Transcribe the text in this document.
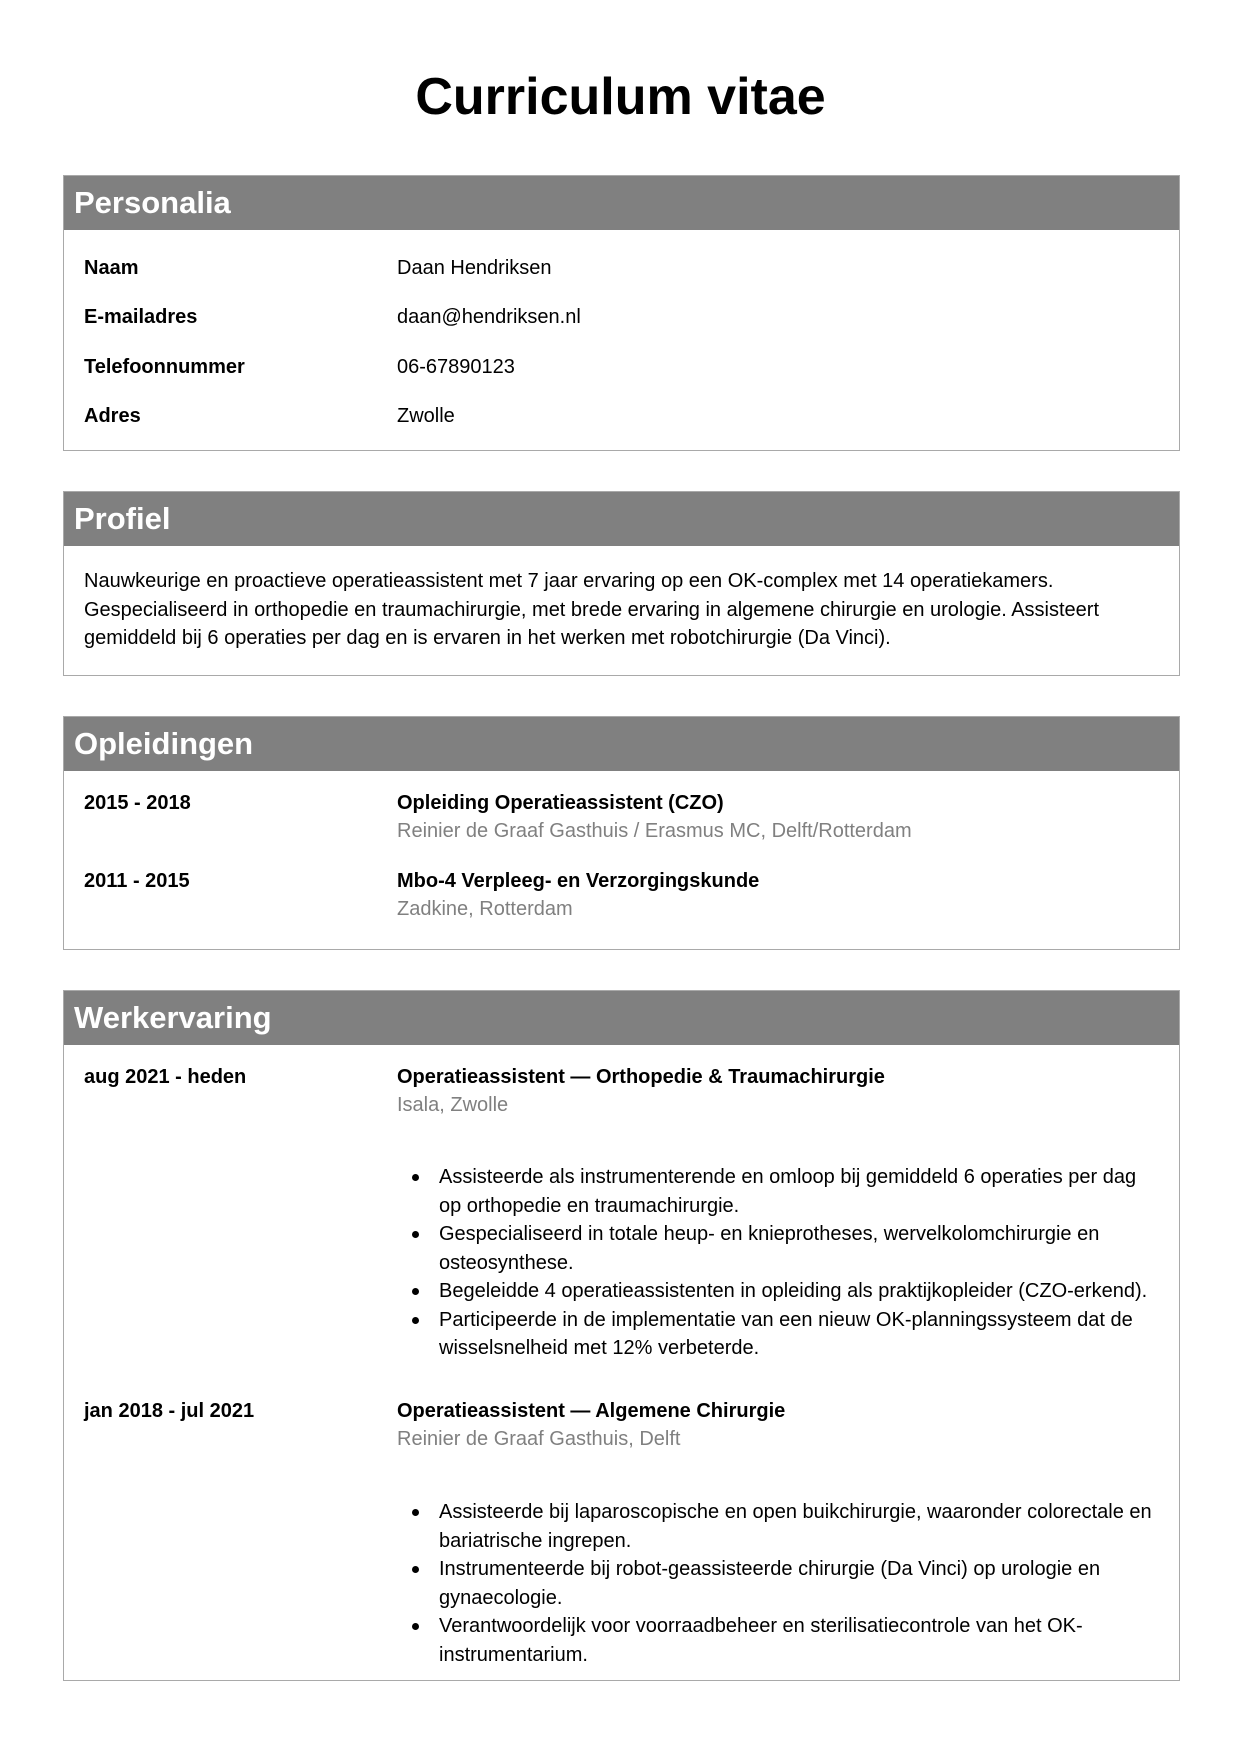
Curriculum vitae
Personalia
Naam	Daan Hendriksen
E-mailadres	daan@hendriksen.nl
Telefoonnummer	06-67890123
Adres	Zwolle
Profiel

Nauwkeurige en proactieve operatieassistent met 7 jaar ervaring op een OK-complex met 14 operatiekamers. Gespecialiseerd in orthopedie en traumachirurgie, met brede ervaring in algemene chirurgie en urologie. Assisteert gemiddeld bij 6 operaties per dag en is ervaren in het werken met robotchirurgie (Da Vinci).

Opleidingen
2015 - 2018	Opleiding Operatieassistent (CZO)
Reinier de Graaf Gasthuis / Erasmus MC, Delft/Rotterdam
2011 - 2015	Mbo-4 Verpleeg- en Verzorgingskunde
Zadkine, Rotterdam
Werkervaring
aug 2021 - heden	Operatieassistent — Orthopedie & Traumachirurgie
Isala, Zwolle
Assisteerde als instrumenterende en omloop bij gemiddeld 6 operaties per dag op orthopedie en traumachirurgie.
Gespecialiseerd in totale heup- en knieprotheses, wervelkolomchirurgie en osteosynthese.
Begeleidde 4 operatieassistenten in opleiding als praktijkopleider (CZO-erkend).
Participeerde in de implementatie van een nieuw OK-planningssysteem dat de wisselsnelheid met 12% verbeterde.
jan 2018 - jul 2021	Operatieassistent — Algemene Chirurgie
Reinier de Graaf Gasthuis, Delft
Assisteerde bij laparoscopische en open buikchirurgie, waaronder colorectale en bariatrische ingrepen.
Instrumenteerde bij robot-geassisteerde chirurgie (Da Vinci) op urologie en gynaecologie.
Verantwoordelijk voor voorraadbeheer en sterilisatiecontrole van het OK-instrumentarium.
